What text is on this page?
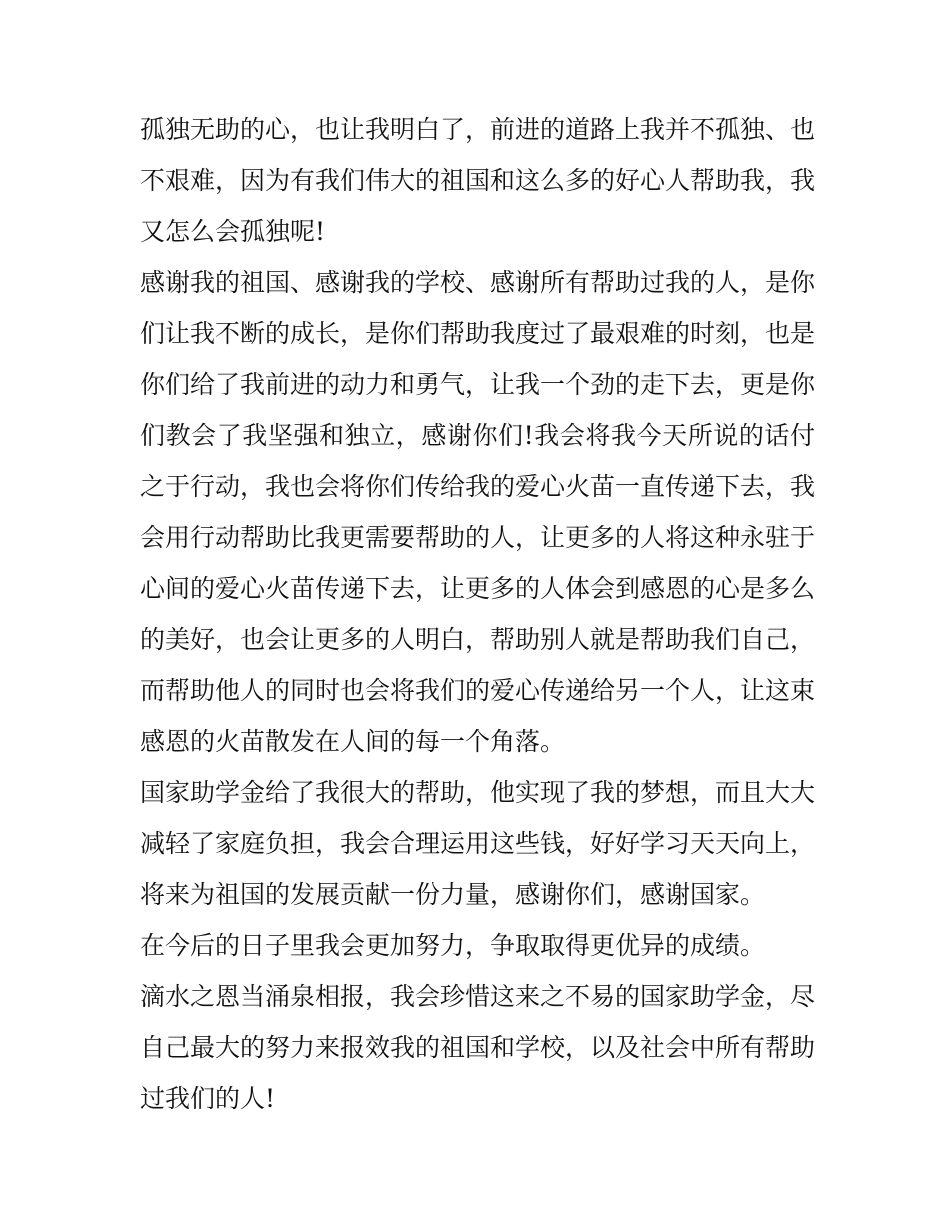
孤独无助的心，也让我明白了，前进的道路上我并不孤独、也
不艰难，因为有我们伟大的祖国和这么多的好心人帮助我，我
又怎么会孤独呢!
感谢我的祖国、感谢我的学校、感谢所有帮助过我的人，是你
们让我不断的成长，是你们帮助我度过了最艰难的时刻，也是
你们给了我前进的动力和勇气，让我一个劲的走下去，更是你
们教会了我坚强和独立，感谢你们!我会将我今天所说的话付
之于行动，我也会将你们传给我的爱心火苗一直传递下去，我
会用行动帮助比我更需要帮助的人，让更多的人将这种永驻于
心间的爱心火苗传递下去，让更多的人体会到感恩的心是多么
的美好，也会让更多的人明白，帮助别人就是帮助我们自己，
而帮助他人的同时也会将我们的爱心传递给另一个人，让这束
感恩的火苗散发在人间的每一个角落。
国家助学金给了我很大的帮助，他实现了我的梦想，而且大大
减轻了家庭负担，我会合理运用这些钱，好好学习天天向上，
将来为祖国的发展贡献一份力量，感谢你们，感谢国家。
在今后的日子里我会更加努力，争取取得更优异的成绩。
滴水之恩当涌泉相报，我会珍惜这来之不易的国家助学金，尽
自己最大的努力来报效我的祖国和学校，以及社会中所有帮助
过我们的人!
